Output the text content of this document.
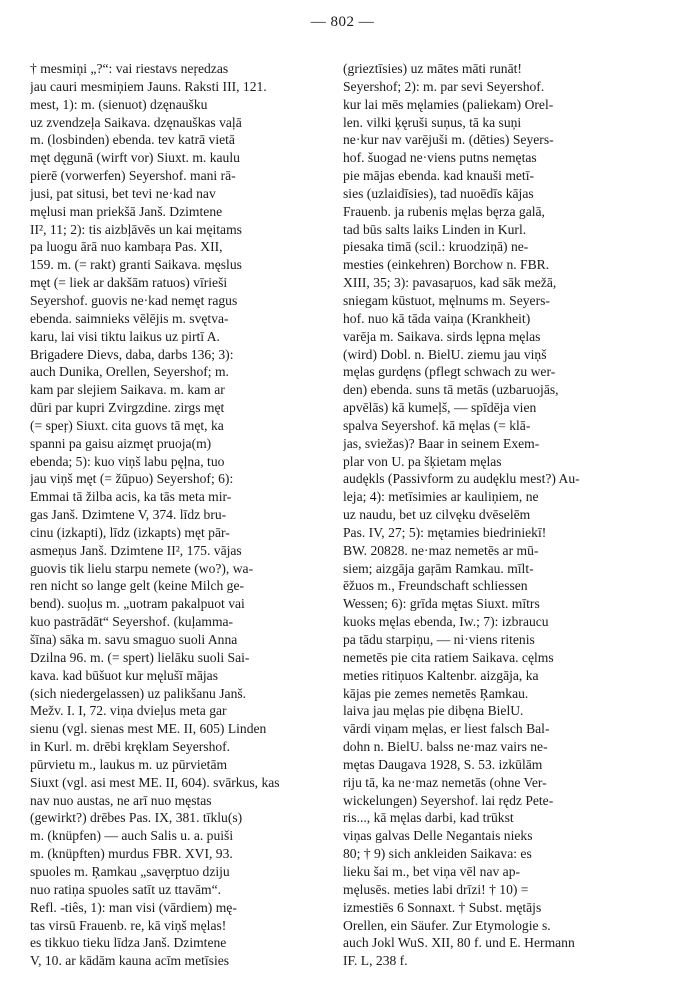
— 802 —
† mesmiņi „?“: vai riestavs neŗedzas
jau cauri mesmiņiem Jauns. Raksti III, 121.
mest, 1): m. (sienuot) dzęnaušku
uz zvendzeļa Saikava. dzęnauškas vaļā
m. (losbinden) ebenda. tev katrā vietā
męt dęgunā (wirft vor) Siuxt. m. kaulu
pierē (vorwerfen) Seyershof. mani rā-
jusi, pat situsi, bet tevi ne·kad nav
męlusi man priekšā Janš. Dzimtene
II², 11; 2): tis aizbļāvēs un kai męitams
pa luogu ārā nuo kambaŗa Pas. XII,
159. m. (= rakt) granti Saikava. męslus
męt (= liek ar dakšām ratuos) vīrieši
Seyershof. guovis ne·kad nemęt ragus
ebenda. saimnieks vēlējis m. svętva-
karu, lai visi tiktu laikus uz pirtī A.
Brigadere Dievs, daba, darbs 136; 3):
auch Dunika, Orellen, Seyershof; m.
kam par slejiem Saikava. m. kam ar
dūri par kupri Zvirgzdine. zirgs męt
(= speŗ) Siuxt. cita guovs tā męt, ka
spanni pa gaisu aizmęt pruoja(m)
ebenda; 5): kuo viņš labu pęļna, tuo
jau viņš męt (= žūpuo) Seyershof; 6):
Emmai tā žilba acis, ka tās meta mir-
gas Janš. Dzimtene V, 374. līdz bru-
cinu (izkapti), līdz (izkapts) męt pār-
asmeņus Janš. Dzimtene II², 175. vājas
guovis tik lielu starpu nemete (wo?), wa-
ren nicht so lange gelt (keine Milch ge-
bend). suoļus m. „uotram pakalpuot vai
kuo pastrādāt“ Seyershof. (kuļamma-
šīna) sāka m. savu smaguo suoli Anna
Dzilna 96. m. (= spert) lielāku suoli Sai-
kava. kad būšuot kur męlušī mājas
(sich niedergelassen) uz palikšanu Janš.
Mežv. I. I, 72. viņa dvieļus meta gar
sienu (vgl. sienas mest ME. II, 605) Linden
in Kurl. m. drēbi kręklam Seyershof.
pūrvietu m., laukus m. uz pūrvietām
Siuxt (vgl. asi mest ME. II, 604). svārkus, kas
nav nuo austas, ne arī nuo męstas
(gewirkt?) drēbes Pas. IX, 381. tīklu(s)
m. (knüpfen) — auch Salis u. a. puiši
m. (knüpften) murdus FBR. XVI, 93.
spuoles m. Ŗamkau „savęrptuo dziju
nuo ratiņa spuoles satīt uz ttavām“.
Refl. -tiês, 1): man visi (vārdiem) mę-
tas virsū Frauenb. re, kā viņš męlas!
es tikkuo tieku līdza Janš. Dzimtene
V, 10. ar kādām kauna acīm metīsies
(grieztīsies) uz mātes māti runāt!
Seyershof; 2): m. par sevi Seyershof.
kur lai mēs męlamies (paliekam) Orel-
len. vilki ķęruši suņus, tā ka suņi
ne·kur nav varējuši m. (dēties) Seyers-
hof. šuogad ne·viens putns nemętas
pie mājas ebenda. kad knauši metī-
sies (uzlaidīsies), tad nuoēdīs kājas
Frauenb. ja rubenis męlas bęrza galā,
tad būs salts laiks Linden in Kurl.
piesaka timā (scil.: kruodziņā) ne-
mesties (einkehren) Borchow n. FBR.
XIII, 35; 3): pavasaŗuos, kad sāk mežā,
sniegam kūstuot, męlnums m. Seyers-
hof. nuo kā tāda vaiņa (Krankheit)
varēja m. Saikava. sirds lępna męlas
(wird) Dobl. n. BielU. ziemu jau viņš
męlas gurdęns (pflegt schwach zu wer-
den) ebenda. suns tā metās (uzbaruojās,
apvēlās) kā kumeļš, — spīdēja vien
spalva Seyershof. kā męlas (= klā-
jas, sviežas)? Baar in seinem Exem-
plar von U. pa šķietam męlas
audękls (Passivform zu audęklu mest?) Au-
leja; 4): metīsimies ar kauliņiem, ne
uz naudu, bet uz cilvęku dvēselēm
Pas. IV, 27; 5): mętamies biedriniekī!
BW. 20828. ne·maz nemetēs ar mū-
siem; aizgāja gaŗām Ramkau. mīlt-
ēžuos m., Freundschaft schliessen
Wessen; 6): grīda mętas Siuxt. mītrs
kuoks męlas ebenda, Iw.; 7): izbraucu
pa tādu starpiņu, — ni·viens ritenis
nemetēs pie cita ratiem Saikava. cęlms
meties ritiņuos Kaltenbr. aizgāja, ka
kājas pie zemes nemetēs Ŗamkau.
laiva jau męlas pie dibęna BielU.
vārdi viņam męlas, er liest falsch Bal-
dohn n. BielU. balss ne·maz vairs ne-
mętas Daugava 1928, S. 53. izkūlām
riju tā, ka ne·maz nemetās (ohne Ver-
wickelungen) Seyershof. lai rędz Pete-
ris..., kā męlas darbi, kad trūkst
viņas galvas Delle Negantais nieks
80; † 9) sich ankleiden Saikava: es
lieku šai m., bet viņa vēl nav ap-
męlusēs. meties labi drīzi! † 10) =
izmestiēs 6 Sonnaxt. † Subst. mętājs
Orellen, ein Säufer. Zur Etymologie s.
auch Jokl WuS. XII, 80 f. und E. Hermann
IF. L, 238 f.
